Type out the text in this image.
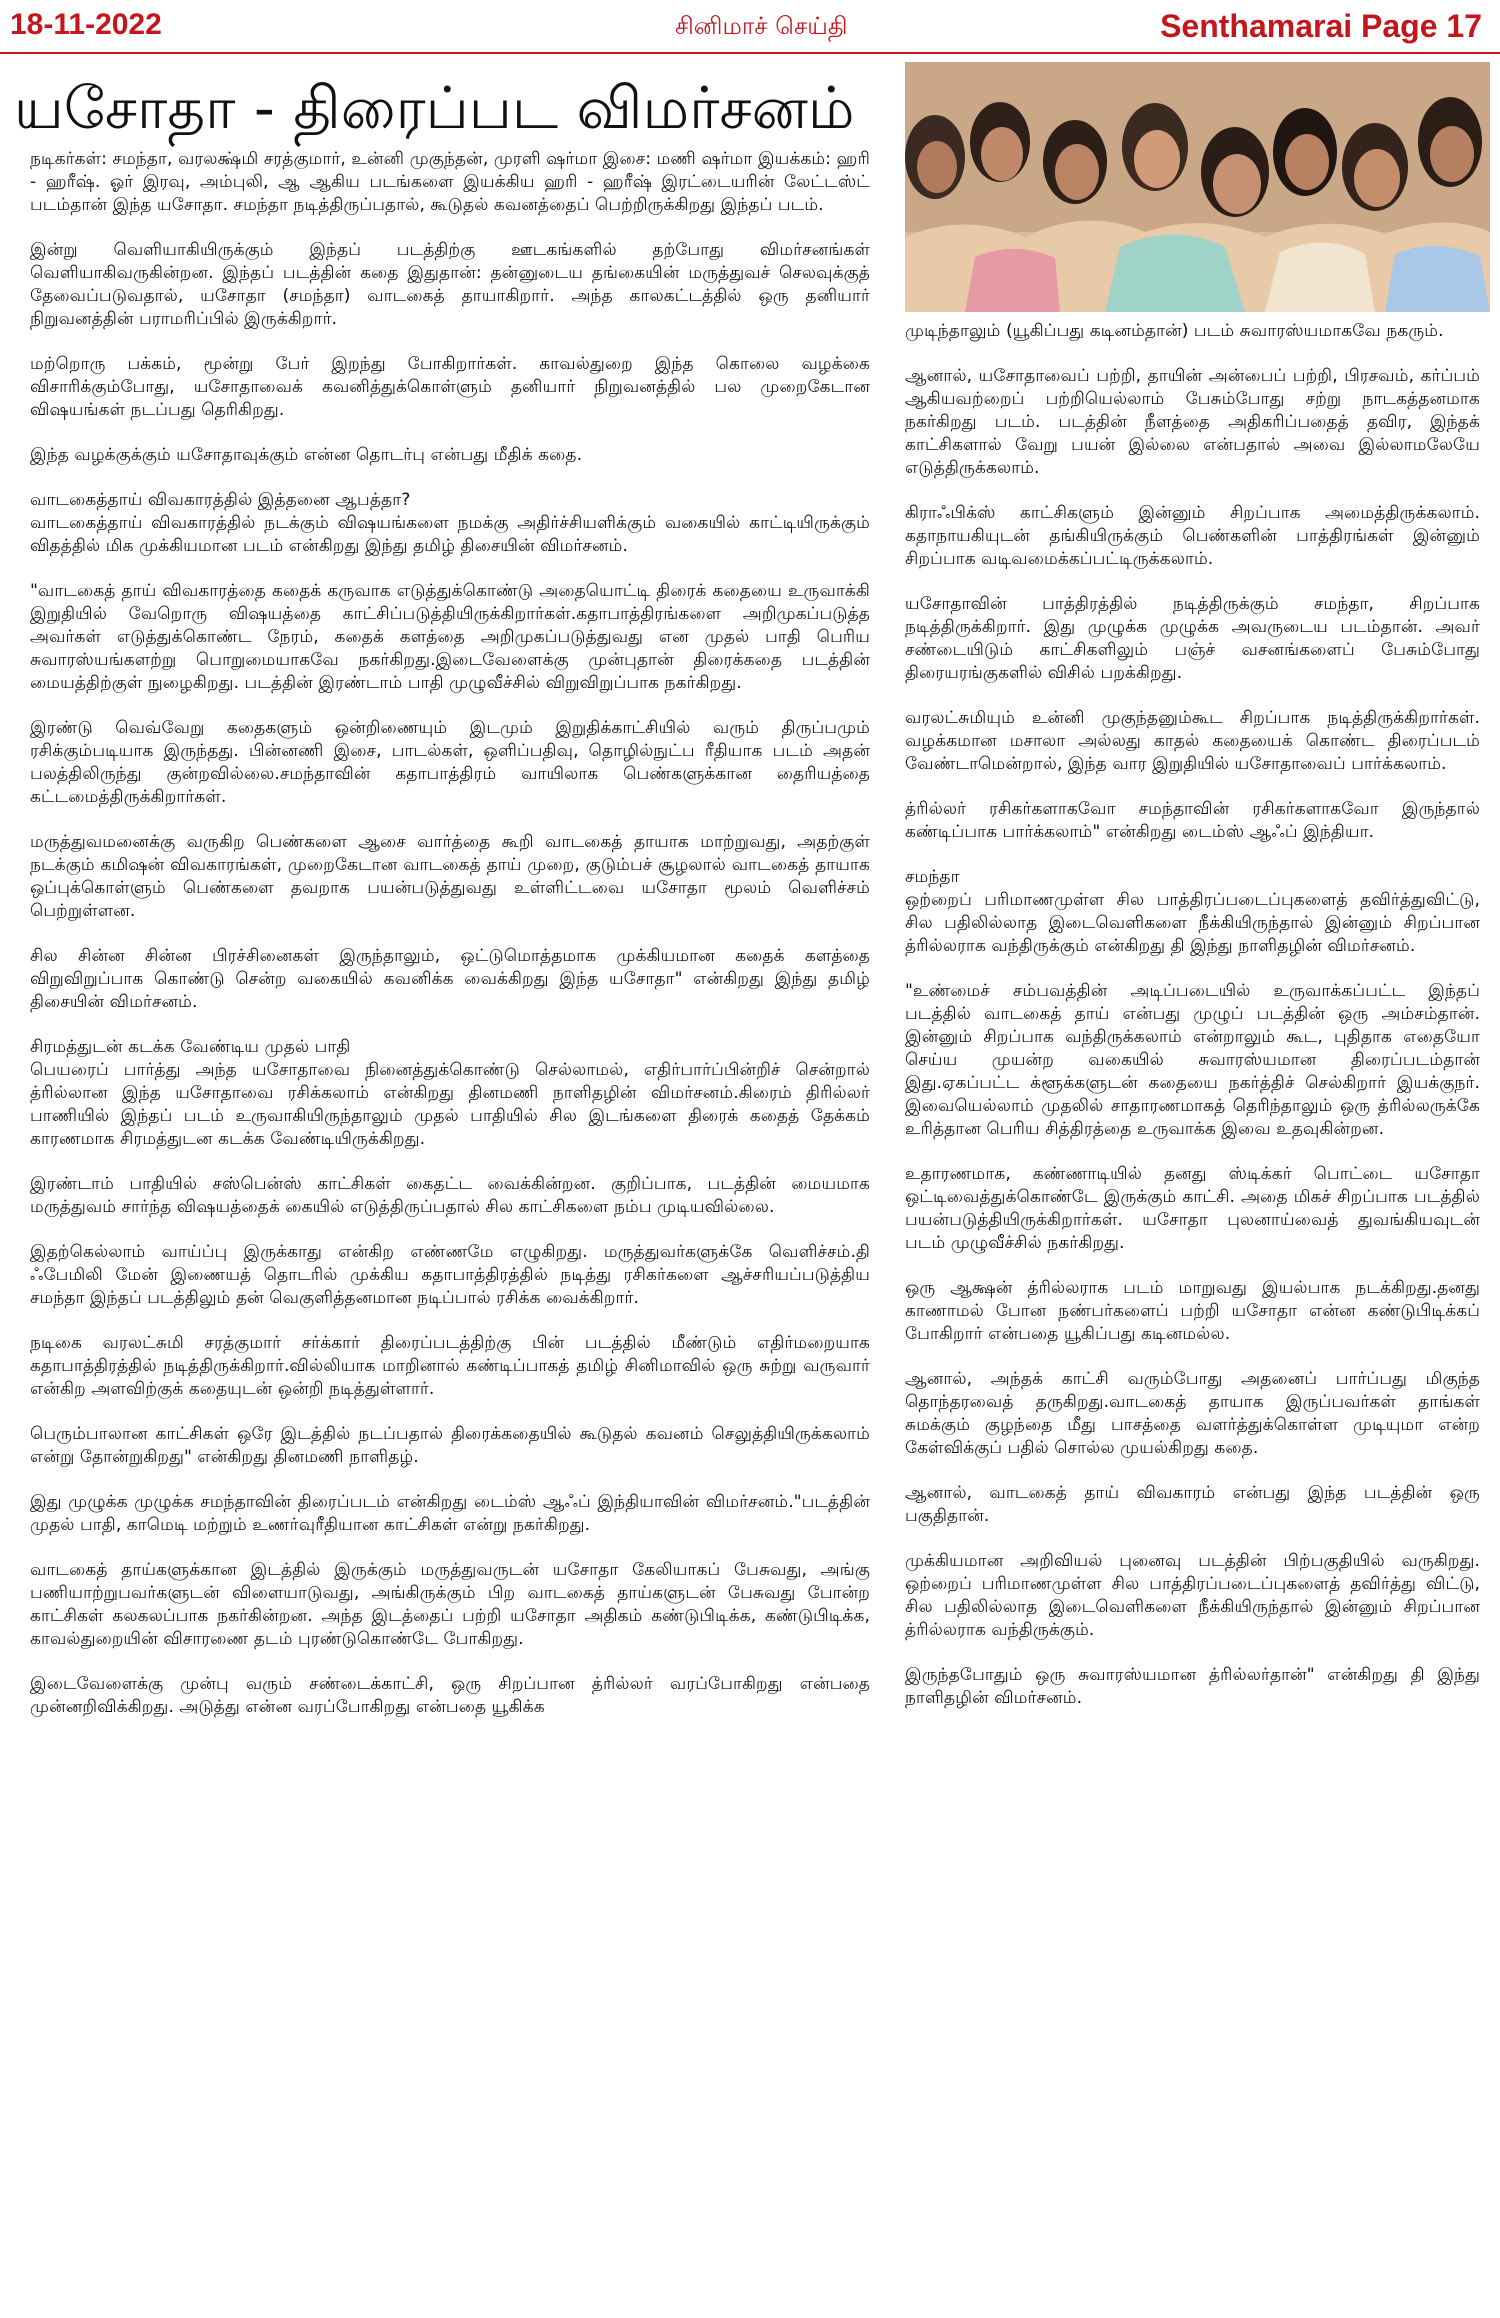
18-11-2022	சினிமாச் செய்தி	Senthamarai Page 17
யசோதா - திரைப்பட விமர்சனம்

நடிகர்கள்: சமந்தா, வரலக்ஷ்மி சரத்குமார், உன்னி முகுந்தன், முரளி ஷர்மா இசை: மணி ஷர்மா இயக்கம்: ஹரி - ஹரீஷ். ஓர் இரவு, அம்புலி, ஆ ஆகிய படங்களை இயக்கிய ஹரி - ஹரீஷ் இரட்டையரின் லேட்டஸ்ட் படம்தான் இந்த யசோதா. சமந்தா நடித்திருப்பதால், கூடுதல் கவனத்தைப் பெற்றிருக்கிறது இந்தப் படம்.

இன்று வெளியாகியிருக்கும் இந்தப் படத்திற்கு ஊடகங்களில் தற்போது விமர்சனங்கள் வெளியாகிவருகின்றன. இந்தப் படத்தின் கதை இதுதான்: தன்னுடைய தங்கையின் மருத்துவச் செலவுக்குத் தேவைப்படுவதால், யசோதா (சமந்தா) வாடகைத் தாயாகிறார். அந்த காலகட்டத்தில் ஒரு தனியார் நிறுவனத்தின் பராமரிப்பில் இருக்கிறார்.

மற்றொரு பக்கம், மூன்று பேர் இறந்து போகிறார்கள். காவல்துறை இந்த கொலை வழக்கை விசாரிக்கும்போது, யசோதாவைக் கவனித்துக்கொள்ளும் தனியார் நிறுவனத்தில் பல முறைகேடான விஷயங்கள் நடப்பது தெரிகிறது.

இந்த வழக்குக்கும் யசோதாவுக்கும் என்ன தொடர்பு என்பது மீதிக் கதை.

வாடகைத்தாய் விவகாரத்தில் இத்தனை ஆபத்தா?
வாடகைத்தாய் விவகாரத்தில் நடக்கும் விஷயங்களை நமக்கு அதிர்ச்சியளிக்கும் வகையில் காட்டியிருக்கும் விதத்தில் மிக முக்கியமான படம் என்கிறது இந்து தமிழ் திசையின் விமர்சனம்.

"வாடகைத் தாய் விவகாரத்தை கதைக் கருவாக எடுத்துக்கொண்டு அதையொட்டி திரைக் கதையை உருவாக்கி இறுதியில் வேறொரு விஷயத்தை காட்சிப்படுத்தியிருக்கிறார்கள்.கதாபாத்திரங்களை அறிமுகப்படுத்த அவர்கள் எடுத்துக்கொண்ட நேரம், கதைக் களத்தை அறிமுகப்படுத்துவது என முதல் பாதி பெரிய சுவாரஸ்யங்களற்று பொறுமையாகவே நகர்கிறது.இடைவேளைக்கு முன்புதான் திரைக்கதை படத்தின் மையத்திற்குள் நுழைகிறது. படத்தின் இரண்டாம் பாதி முழுவீச்சில் விறுவிறுப்பாக நகர்கிறது.

இரண்டு வெவ்வேறு கதைகளும் ஒன்றிணையும் இடமும் இறுதிக்காட்சியில் வரும் திருப்பமும் ரசிக்கும்படியாக இருந்தது. பின்னணி இசை, பாடல்கள், ஒளிப்பதிவு, தொழில்நுட்ப ரீதியாக படம் அதன் பலத்திலிருந்து குன்றவில்லை.சமந்தாவின் கதாபாத்திரம் வாயிலாக பெண்களுக்கான தைரியத்தை கட்டமைத்திருக்கிறார்கள்.

மருத்துவமனைக்கு வருகிற பெண்களை ஆசை வார்த்தை கூறி வாடகைத் தாயாக மாற்றுவது, அதற்குள் நடக்கும் கமிஷன் விவகாரங்கள், முறைகேடான வாடகைத் தாய் முறை, குடும்பச் சூழலால் வாடகைத் தாயாக ஒப்புக்கொள்ளும் பெண்களை தவறாக பயன்படுத்துவது உள்ளிட்டவை யசோதா மூலம் வெளிச்சம் பெற்றுள்ளன.

சில சின்ன சின்ன பிரச்சினைகள் இருந்தாலும், ஒட்டுமொத்தமாக முக்கியமான கதைக் களத்தை விறுவிறுப்பாக கொண்டு சென்ற வகையில் கவனிக்க வைக்கிறது இந்த யசோதா" என்கிறது இந்து தமிழ் திசையின் விமர்சனம்.

சிரமத்துடன் கடக்க வேண்டிய முதல் பாதி
பெயரைப் பார்த்து அந்த யசோதாவை நினைத்துக்கொண்டு செல்லாமல், எதிர்பார்ப்பின்றிச் சென்றால் த்ரில்லான இந்த யசோதாவை ரசிக்கலாம் என்கிறது தினமணி நாளிதழின் விமர்சனம்.கிரைம் திரில்லர் பாணியில் இந்தப் படம் உருவாகியிருந்தாலும் முதல் பாதியில் சில இடங்களை திரைக் கதைத் தேக்கம் காரணமாக சிரமத்துடன கடக்க வேண்டியிருக்கிறது.

இரண்டாம் பாதியில் சஸ்பென்ஸ் காட்சிகள் கைதட்ட வைக்கின்றன. குறிப்பாக, படத்தின் மையமாக மருத்துவம் சார்ந்த விஷயத்தைக் கையில் எடுத்திருப்பதால் சில காட்சிகளை நம்ப முடியவில்லை.

இதற்கெல்லாம் வாய்ப்பு இருக்காது என்கிற எண்ணமே எழுகிறது. மருத்துவர்களுக்கே வெளிச்சம்.தி ஃபேமிலி மேன் இணையத் தொடரில் முக்கிய கதாபாத்திரத்தில் நடித்து ரசிகர்களை ஆச்சரியப்படுத்திய சமந்தா இந்தப் படத்திலும் தன் வெகுளித்தனமான நடிப்பால் ரசிக்க வைக்கிறார்.

நடிகை வரலட்சுமி சரத்குமார் சர்க்கார் திரைப்படத்திற்கு பின் படத்தில் மீண்டும் எதிர்மறையாக கதாபாத்திரத்தில் நடித்திருக்கிறார்.வில்லியாக மாறினால் கண்டிப்பாகத் தமிழ் சினிமாவில் ஒரு சுற்று வருவார் என்கிற அளவிற்குக் கதையுடன் ஒன்றி நடித்துள்ளார்.

பெரும்பாலான காட்சிகள் ஒரே இடத்தில் நடப்பதால் திரைக்கதையில் கூடுதல் கவனம் செலுத்தியிருக்கலாம் என்று தோன்றுகிறது" என்கிறது தினமணி நாளிதழ்.

இது முழுக்க முழுக்க சமந்தாவின் திரைப்படம் என்கிறது டைம்ஸ் ஆஃப் இந்தியாவின் விமர்சனம்."படத்தின் முதல் பாதி, காமெடி மற்றும் உணர்வுரீதியான காட்சிகள் என்று நகர்கிறது.

வாடகைத் தாய்களுக்கான இடத்தில் இருக்கும் மருத்துவருடன் யசோதா கேலியாகப் பேசுவது, அங்கு பணியாற்றுபவர்களுடன் விளையாடுவது, அங்கிருக்கும் பிற வாடகைத் தாய்களுடன் பேசுவது போன்ற காட்சிகள் கலகலப்பாக நகர்கின்றன. அந்த இடத்தைப் பற்றி யசோதா அதிகம் கண்டுபிடிக்க, கண்டுபிடிக்க, காவல்துறையின் விசாரணை தடம் புரண்டுகொண்டே போகிறது.

இடைவேளைக்கு முன்பு வரும் சண்டைக்காட்சி, ஒரு சிறப்பான த்ரில்லர் வரப்போகிறது என்பதை முன்னறிவிக்கிறது. அடுத்து என்ன வரப்போகிறது என்பதை யூகிக்க

முடிந்தாலும் (யூகிப்பது கடினம்தான்) படம் சுவாரஸ்யமாகவே நகரும்.

ஆனால், யசோதாவைப் பற்றி, தாயின் அன்பைப் பற்றி, பிரசவம், கர்ப்பம் ஆகியவற்றைப் பற்றியெல்லாம் பேசும்போது சற்று நாடகத்தனமாக நகர்கிறது படம். படத்தின் நீளத்தை அதிகரிப்பதைத் தவிர, இந்தக் காட்சிகளால் வேறு பயன் இல்லை என்பதால் அவை இல்லாமலேயே எடுத்திருக்கலாம்.

கிராஃபிக்ஸ் காட்சிகளும் இன்னும் சிறப்பாக அமைத்திருக்கலாம். கதாநாயகியுடன் தங்கியிருக்கும் பெண்களின் பாத்திரங்கள் இன்னும் சிறப்பாக வடிவமைக்கப்பட்டிருக்கலாம்.

யசோதாவின் பாத்திரத்தில் நடித்திருக்கும் சமந்தா, சிறப்பாக நடித்திருக்கிறார். இது முழுக்க முழுக்க அவருடைய படம்தான். அவர் சண்டையிடும் காட்சிகளிலும் பஞ்ச் வசனங்களைப் பேசும்போது திரையரங்குகளில் விசில் பறக்கிறது.

வரலட்சுமியும் உன்னி முகுந்தனும்கூட சிறப்பாக நடித்திருக்கிறார்கள். வழக்கமான மசாலா அல்லது காதல் கதையைக் கொண்ட திரைப்படம் வேண்டாமென்றால், இந்த வார இறுதியில் யசோதாவைப் பார்க்கலாம்.

த்ரில்லர் ரசிகர்களாகவோ சமந்தாவின் ரசிகர்களாகவோ இருந்தால் கண்டிப்பாக பார்க்கலாம்" என்கிறது டைம்ஸ் ஆஃப் இந்தியா.

சமந்தா
ஒற்றைப் பரிமாணமுள்ள சில பாத்திரப்படைப்புகளைத் தவிர்த்துவிட்டு, சில பதிலில்லாத இடைவெளிகளை நீக்கியிருந்தால் இன்னும் சிறப்பான த்ரில்லராக வந்திருக்கும் என்கிறது தி இந்து நாளிதழின் விமர்சனம்.

"உண்மைச் சம்பவத்தின் அடிப்படையில் உருவாக்கப்பட்ட இந்தப் படத்தில் வாடகைத் தாய் என்பது முழுப் படத்தின் ஒரு அம்சம்தான். இன்னும் சிறப்பாக வந்திருக்கலாம் என்றாலும் கூட, புதிதாக எதையோ செய்ய முயன்ற வகையில் சுவாரஸ்யமான திரைப்படம்தான் இது.ஏகப்பட்ட க்ளூக்களுடன் கதையை நகர்த்திச் செல்கிறார் இயக்குநர். இவையெல்லாம் முதலில் சாதாரணமாகத் தெரிந்தாலும் ஒரு த்ரில்லருக்கே உரித்தான பெரிய சித்திரத்தை உருவாக்க இவை உதவுகின்றன.

உதாரணமாக, கண்ணாடியில் தனது ஸ்டிக்கர் பொட்டை யசோதா ஒட்டிவைத்துக்கொண்டே இருக்கும் காட்சி. அதை மிகச் சிறப்பாக படத்தில் பயன்படுத்தியிருக்கிறார்கள். யசோதா புலனாய்வைத் துவங்கியவுடன் படம் முழுவீச்சில் நகர்கிறது.

ஒரு ஆக்ஷன் த்ரில்லராக படம் மாறுவது இயல்பாக நடக்கிறது.தனது காணாமல் போன நண்பர்களைப் பற்றி யசோதா என்ன கண்டுபிடிக்கப் போகிறார் என்பதை யூகிப்பது கடினமல்ல.

ஆனால், அந்தக் காட்சி வரும்போது அதனைப் பார்ப்பது மிகுந்த தொந்தரவைத் தருகிறது.வாடகைத் தாயாக இருப்பவர்கள் தாங்கள் சுமக்கும் குழந்தை மீது பாசத்தை வளர்த்துக்கொள்ள முடியுமா என்ற கேள்விக்குப் பதில் சொல்ல முயல்கிறது கதை.

ஆனால், வாடகைத் தாய் விவகாரம் என்பது இந்த படத்தின் ஒரு பகுதிதான்.

முக்கியமான அறிவியல் புனைவு படத்தின் பிற்பகுதியில் வருகிறது. ஒற்றைப் பரிமாணமுள்ள சில பாத்திரப்படைப்புகளைத் தவிர்த்து விட்டு, சில பதிலில்லாத இடைவெளிகளை நீக்கியிருந்தால் இன்னும் சிறப்பான த்ரில்லராக வந்திருக்கும்.

இருந்தபோதும் ஒரு சுவாரஸ்யமான த்ரில்லர்தான்" என்கிறது தி இந்து நாளிதழின் விமர்சனம்.
